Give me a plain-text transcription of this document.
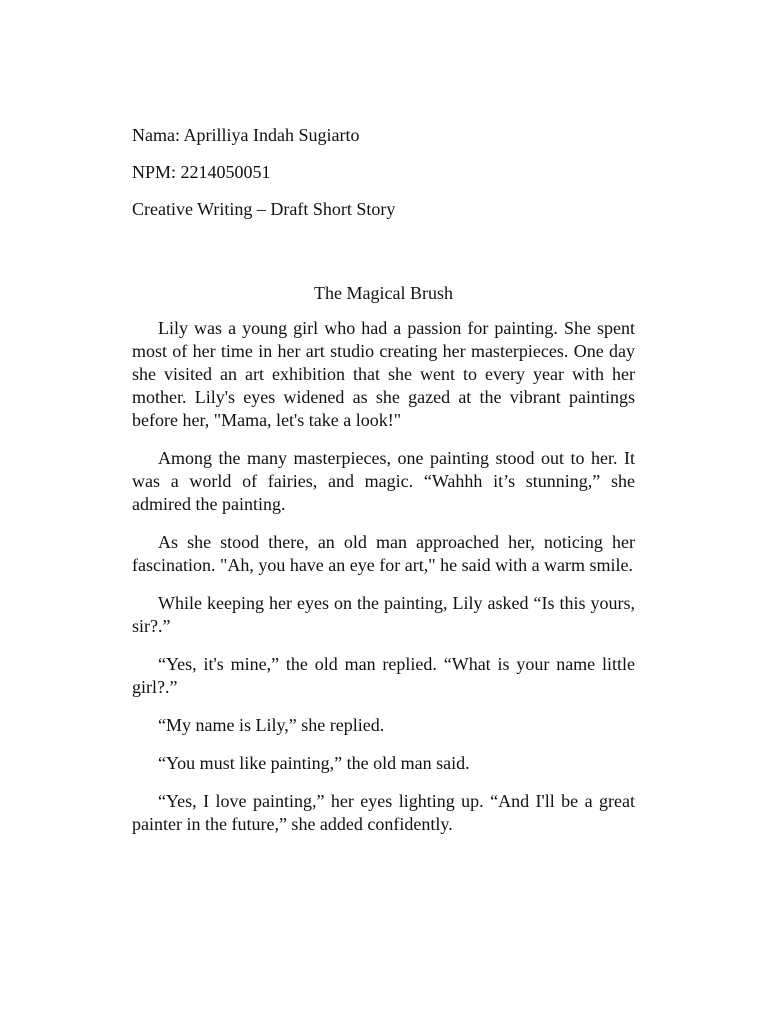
Nama: Aprilliya Indah Sugiarto
NPM: 2214050051
Creative Writing – Draft Short Story
The Magical Brush

Lily was a young girl who had a passion for painting. She spent most of her time in her art studio creating her masterpieces. One day she visited an art exhibition that she went to every year with her mother. Lily's eyes widened as she gazed at the vibrant paintings before her, "Mama, let's take a look!"

Among the many masterpieces, one painting stood out to her. It was a world of fairies, and magic. “Wahhh it’s stunning,” she admired the painting.

As she stood there, an old man approached her, noticing her fascination. "Ah, you have an eye for art," he said with a warm smile.

While keeping her eyes on the painting, Lily asked “Is this yours, sir?.”

“Yes, it's mine,” the old man replied. “What is your name little girl?.”

“My name is Lily,” she replied.

“You must like painting,” the old man said.

“Yes, I love painting,” her eyes lighting up. “And I'll be a great painter in the future,” she added confidently.
